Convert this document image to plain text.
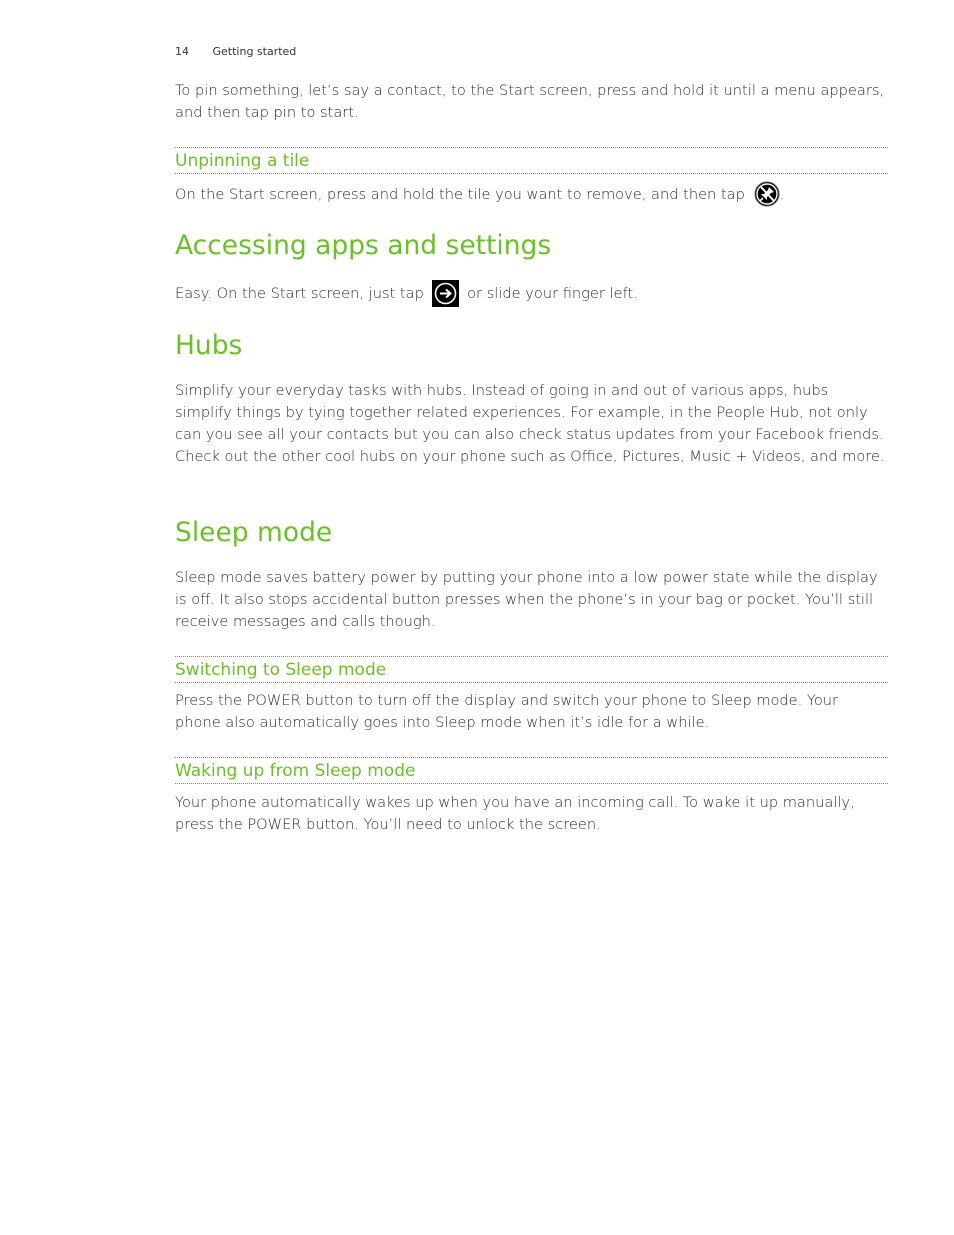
14 Getting started

To pin something, let’s say a contact, to the Start screen, press and hold it until a menu appears, and then tap pin to start.

Unpinning a tile

On the Start screen, press and hold the tile you want to remove, and then tap .

Accessing apps and settings

Easy. On the Start screen, just tap  or slide your finger left.

Hubs

Simplify your everyday tasks with hubs. Instead of going in and out of various apps, hubs simplify things by tying together related experiences. For example, in the People Hub, not only can you see all your contacts but you can also check status updates from your Facebook friends. Check out the other cool hubs on your phone such as Office, Pictures, Music + Videos, and more.

Sleep mode

Sleep mode saves battery power by putting your phone into a low power state while the display is off. It also stops accidental button presses when the phone’s in your bag or pocket. You’ll still receive messages and calls though.

Switching to Sleep mode

Press the POWER button to turn off the display and switch your phone to Sleep mode. Your phone also automatically goes into Sleep mode when it’s idle for a while.

Waking up from Sleep mode

Your phone automatically wakes up when you have an incoming call. To wake it up manually, press the POWER button. You’ll need to unlock the screen.
